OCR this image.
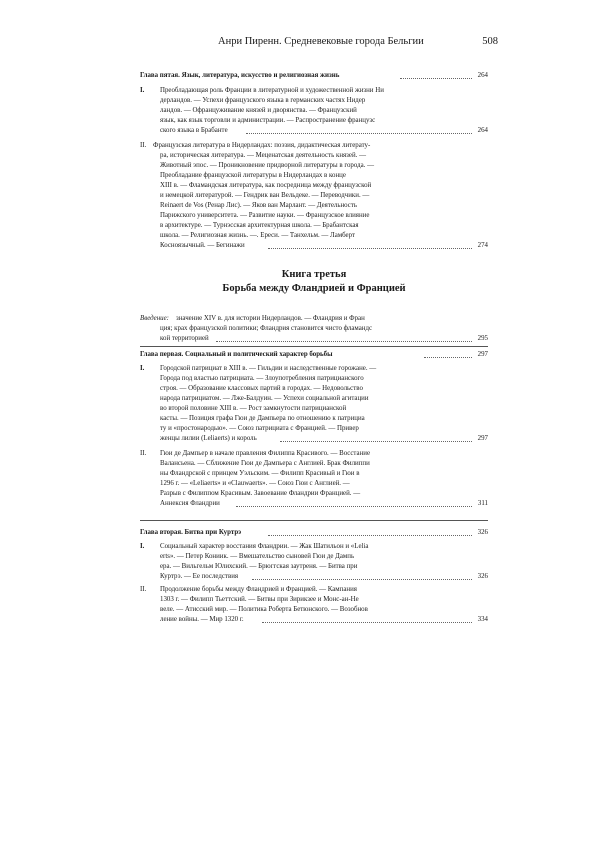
Анри Пиренн. Средневековые города Бельгии	508
Глава пятая. Язык, литература, искусство и религиозная жизнь	264
I. Преобладающая роль Франции в литературной и художественной жизни Ни
дерландов. — Успехи французского языка в германских частях Нидер
ландов. — Офранцуживание князей и дворянства. — Французский
язык, как язык торговли и администрации. — Распространение французс
ского языка в Брабанте	264
II. Французская литература в Нидерландах: поэзия, дидактическая литерату-
ра, историческая литература. — Меценатская деятельность князей. —
Животный эпос. — Проникновение придворной литературы в города. —
Преобладание французской литературы в Нидерландах в конце
XIII в. — Фламандская литература, как посредница между французской
и немецкой литературой. — Гендрик ван Вельдеке. — Переводчики. —
Reinaert de Vos (Ренар Лис). — Яков ван Марлант. — Деятельность
Парижского университета. — Развитие науки. — Французское влияние
в архитектуре. — Турнэсская архитектурная школа. — Брабантская
школа. — Религиозная жизнь. —. Ереси. — Танхельм. — Ламберт
Косноязычный. — Бегинажи	274
Книга третья
Борьба между Фландрией и Францией
Введение: значение XIV в. для истории Нидерландов. — Фландрия и Фран
ция; крах французской политики; Фландрия становится чисто фламандс
кой территорией	295
Глава первая. Социальный и политический характер борьбы	297
I. Городской патрициат в XIII в. — Гильдии и наследственные горожане. —
Города под властью патрициата. — Злоупотребления патрицианского
строя. — Образование классовых партий в городах. — Недовольство
народа патрициатом. — Лже-Балдуин. — Успехи социальной агитации
во второй половине XIII в. — Рост замкнутости патрицианской
касты. — Позиция графа Гюи де Дампьера по отношению к патрициа
ту и «простонародью». — Союз патрициата с Францией. — Привер
женцы лилии (Leliaerts) и король	297
II. Гюи де Дампьер в начале правления Филиппа Красивого. — Восстание
Валансьена. — Сближение Гюи де Дампьера с Англией. Брак Филиппи
ны Фландрской с принцем Уэльским. — Филипп Красивый и Гюи в
1296 г. — «Leliaerts» и «Clauwaerts». — Союз Гюи с Англией. —
Разрыв с Филиппом Красивым. Завоевание Фландрии Францией. —
Аннексия Фландрии	311
Глава вторая. Битва при Куртрэ	326
I. Социальный характер восстания Фландрии. — Жак Шатильон и «Lelia
erts». — Петер Кониик. — Вмешательство сыновей Гюи де Дампь
ера. — Вильгельм Юлихский. — Брюггская заутреня. — Битва при
Куртрэ. — Ее последствия	326
II. Продолжение борьбы между Фландрией и Францией. — Кампания
1303 г. — Филипп Тьеттский. — Битвы при Зирикзее и Монс-ан-Не
веле. — Атисский мир. — Политика Роберта Бетюнского. — Возобнов
ление войны. — Мир 1320 г.	334
